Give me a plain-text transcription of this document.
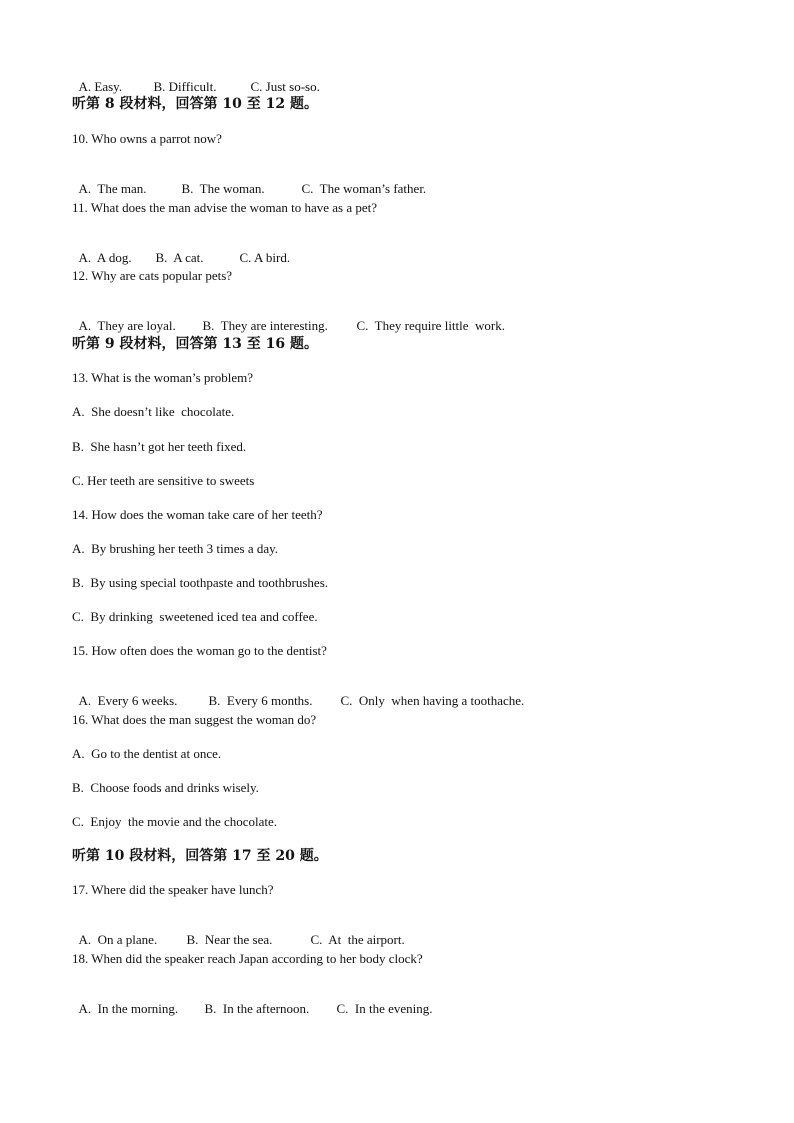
A. Easy. B. Difficult.	C. Just so-so.

听第 8 段材料，回答第 10 至 12 题。
10. Who owns a parrot now?

A.  The man.	B.  The woman.	C.  The woman’s father.

11. What does the man advise the woman to have as a pet?

A.  A dog. B.  A cat.	C. A bird.

12. Why are cats popular pets?

A.  They are loyal. B.  They are interesting. C.  They require little  work.

听第 9 段材料，回答第 13 至 16 题。
13. What is the woman’s problem?
A.  She doesn’t like  chocolate.
B.  She hasn’t got her teeth fixed.
C. Her teeth are sensitive to sweets
14. How does the woman take care of her teeth?
A.  By brushing her teeth 3 times a day.
B.  By using special toothpaste and toothbrushes.
C.  By drinking  sweetened iced tea and coffee.
15. How often does the woman go to the dentist?

A.  Every 6 weeks. B.  Every 6 months. C.  Only  when having a toothache.

16. What does the man suggest the woman do?
A.  Go to the dentist at once.
B.  Choose foods and drinks wisely.
C.  Enjoy  the movie and the chocolate.
听第 10 段材料，回答第 17 至 20 题。
17. Where did the speaker have lunch?

A.  On a plane. B.  Near the sea.	C.  At  the airport.

18. When did the speaker reach Japan according to her body clock?

A.  In the morning. B.  In the afternoon. C.  In the evening.
